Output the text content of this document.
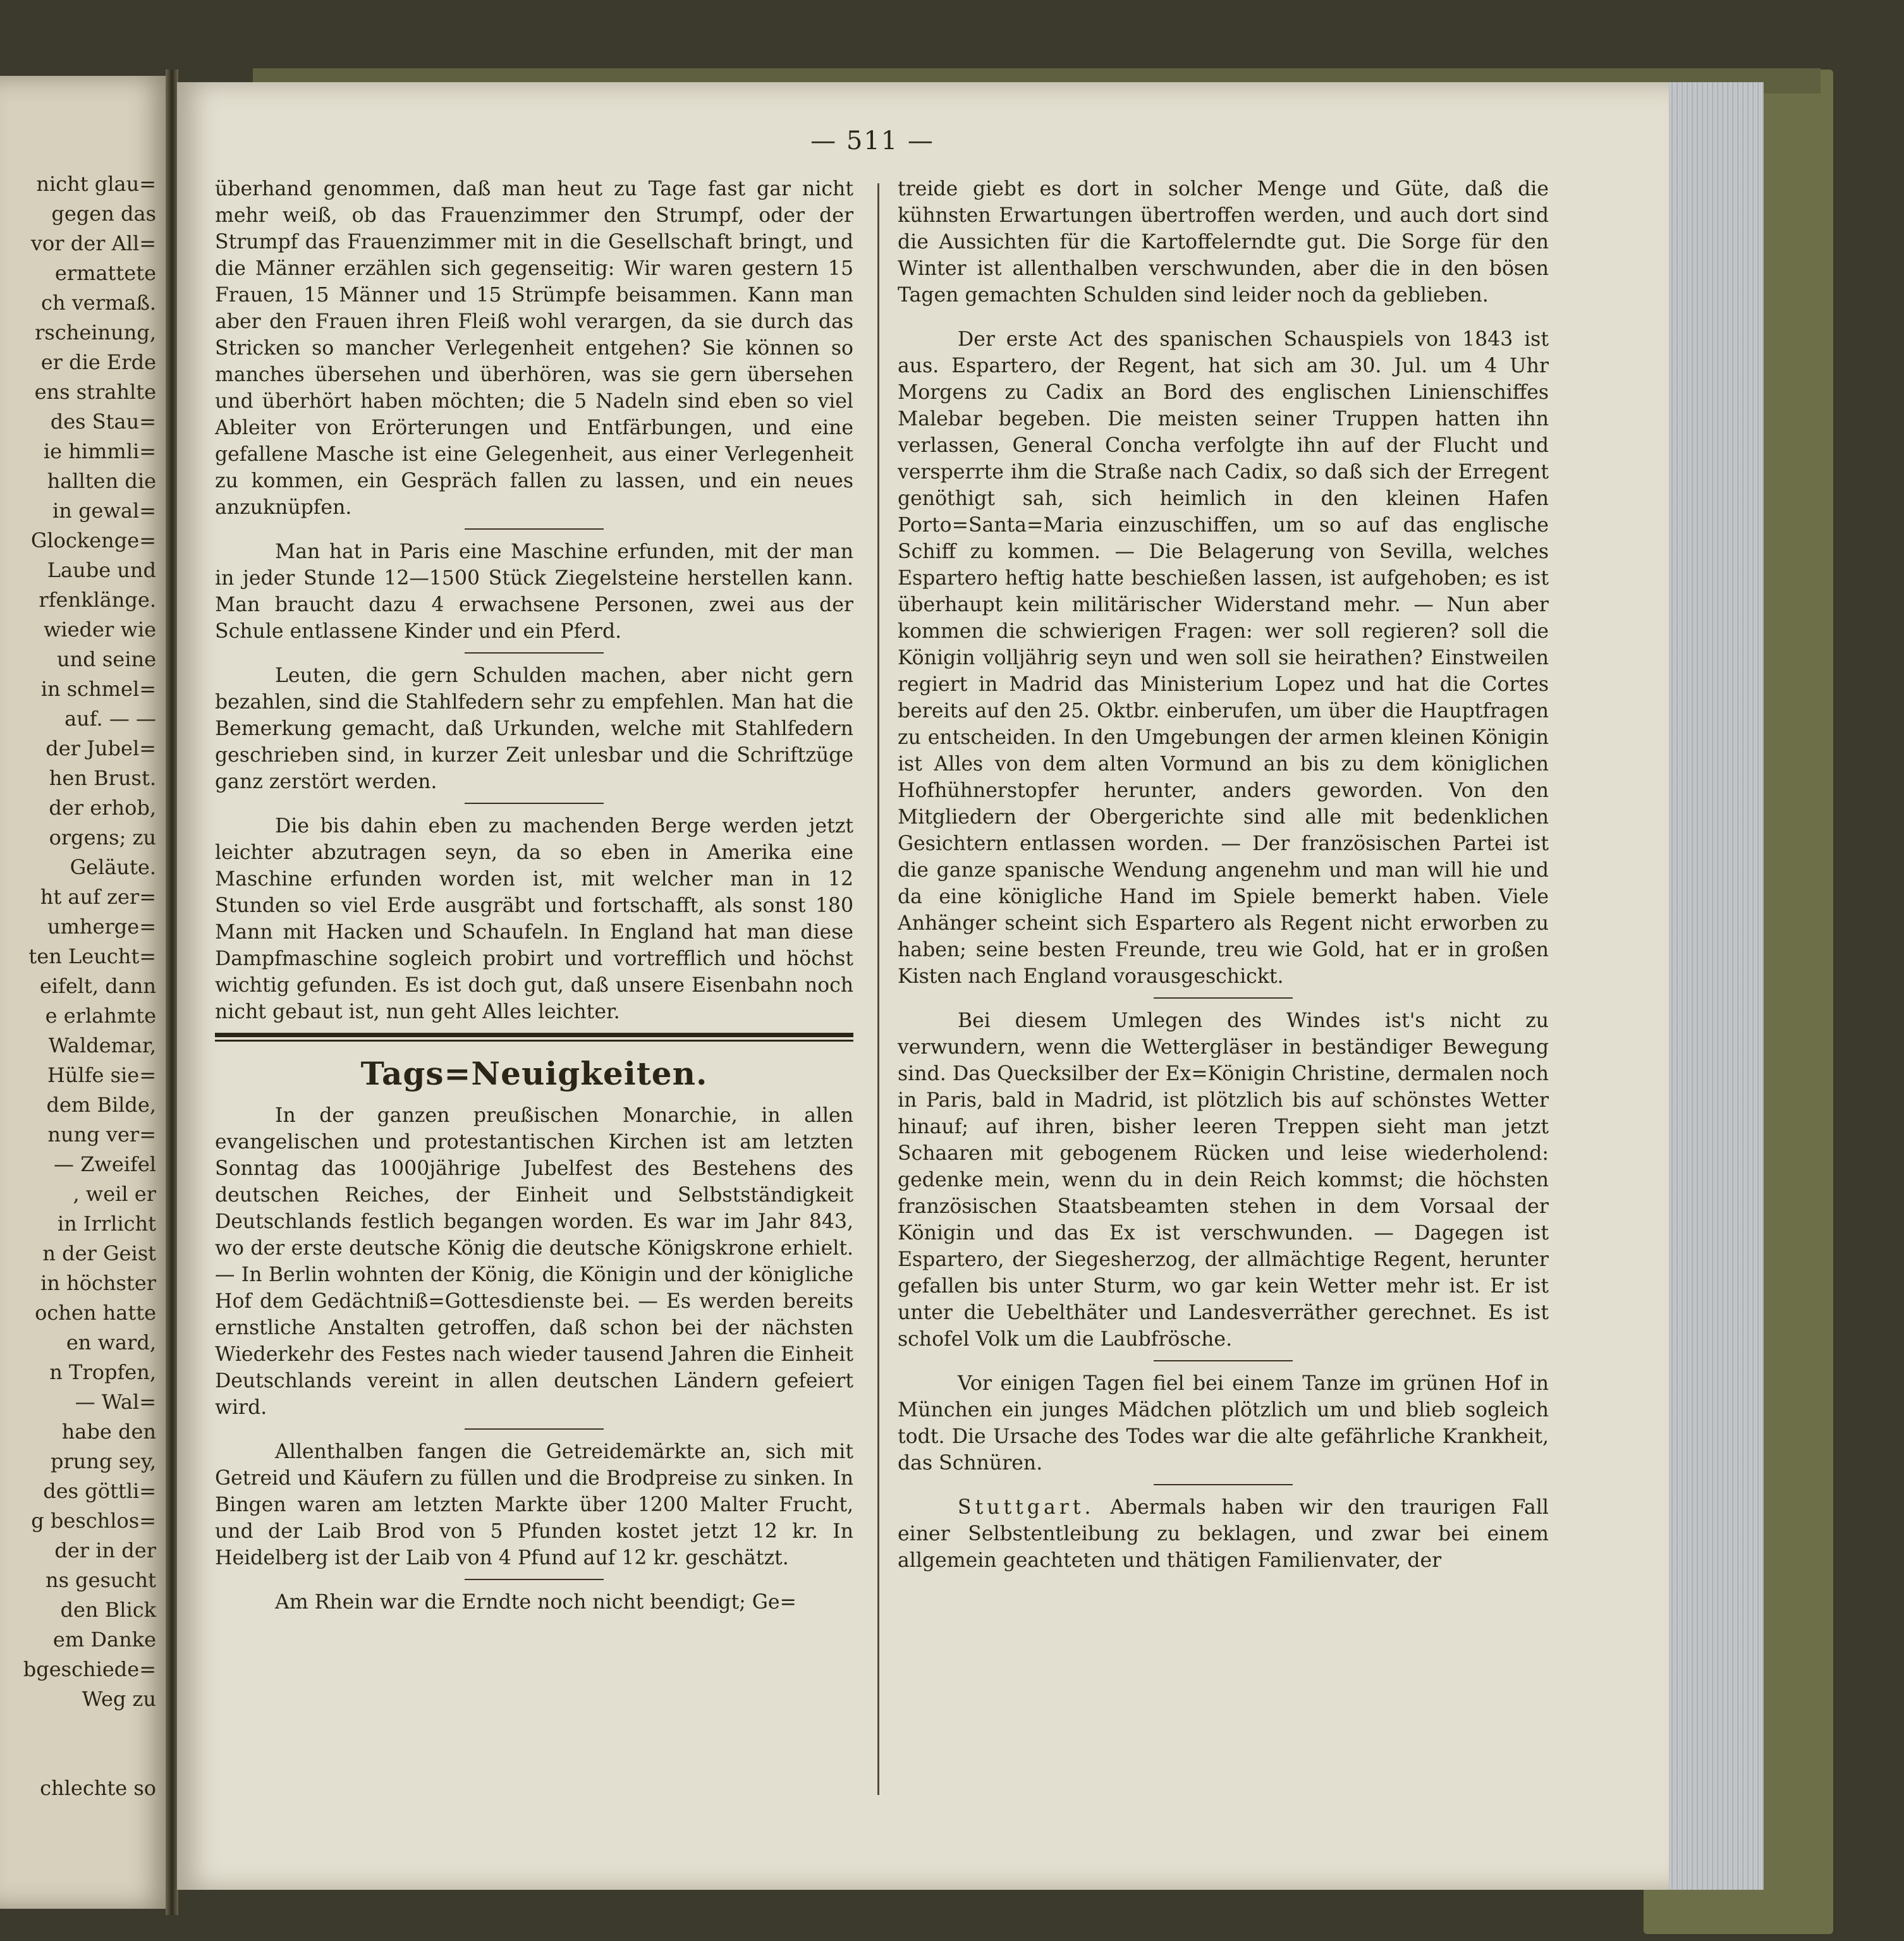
nicht glau=
gegen das
vor der All=
ermattete
ch vermaß.
rscheinung,
er die Erde
ens strahlte
des Stau=
ie himmli=
hallten die
in gewal=
Glockenge=
Laube und
rfenklänge.
wieder wie
und seine
in schmel=
auf. — —
der Jubel=
hen Brust.
der erhob,
orgens; zu
Geläute.
ht auf zer=
umherge=
ten Leucht=
eifelt, dann
e erlahmte
Waldemar,
Hülfe sie=
dem Bilde,
nung ver=
— Zweifel
, weil er
in Irrlicht
n der Geist
in höchster
ochen hatte
en ward,
n Tropfen,
— Wal=
habe den
prung sey,
des göttli=
g beschlos=
der in der
ns gesucht
den Blick
em Danke
bgeschiede=
Weg zu
chlechte so
— 511 —

überhand genommen, daß man heut zu Tage fast gar nicht mehr weiß, ob das Frauenzimmer den Strumpf, oder der Strumpf das Frauenzimmer mit in die Gesellschaft bringt, und die Männer erzählen sich gegenseitig: Wir waren gestern 15 Frauen, 15 Männer und 15 Strümpfe beisammen. Kann man aber den Frauen ihren Fleiß wohl verargen, da sie durch das Stricken so mancher Verlegenheit entgehen? Sie können so manches übersehen und überhören, was sie gern übersehen und überhört haben möchten; die 5 Nadeln sind eben so viel Ableiter von Erörterungen und Entfärbungen, und eine gefallene Masche ist eine Gelegenheit, aus einer Verlegenheit zu kommen, ein Gespräch fallen zu lassen, und ein neues anzuknüpfen.

Man hat in Paris eine Maschine erfunden, mit der man in jeder Stunde 12—1500 Stück Ziegelsteine herstellen kann. Man braucht dazu 4 erwachsene Personen, zwei aus der Schule entlassene Kinder und ein Pferd.

Leuten, die gern Schulden machen, aber nicht gern bezahlen, sind die Stahlfedern sehr zu empfehlen. Man hat die Bemerkung gemacht, daß Urkunden, welche mit Stahlfedern geschrieben sind, in kurzer Zeit unlesbar und die Schriftzüge ganz zerstört werden.

Die bis dahin eben zu machenden Berge werden jetzt leichter abzutragen seyn, da so eben in Amerika eine Maschine erfunden worden ist, mit welcher man in 12 Stunden so viel Erde ausgräbt und fortschafft, als sonst 180 Mann mit Hacken und Schaufeln. In England hat man diese Dampfmaschine sogleich probirt und vortrefflich und höchst wichtig gefunden. Es ist doch gut, daß unsere Eisenbahn noch nicht gebaut ist, nun geht Alles leichter.

Tags=Neuigkeiten.

In der ganzen preußischen Monarchie, in allen evangelischen und protestantischen Kirchen ist am letzten Sonntag das 1000jährige Jubelfest des Bestehens des deutschen Reiches, der Einheit und Selbstständigkeit Deutschlands festlich begangen worden. Es war im Jahr 843, wo der erste deutsche König die deutsche Königskrone erhielt. — In Berlin wohnten der König, die Königin und der königliche Hof dem Gedächtniß=Gottesdienste bei. — Es werden bereits ernstliche Anstalten getroffen, daß schon bei der nächsten Wiederkehr des Festes nach wieder tausend Jahren die Einheit Deutschlands vereint in allen deutschen Ländern gefeiert wird.

Allenthalben fangen die Getreidemärkte an, sich mit Getreid und Käufern zu füllen und die Brodpreise zu sinken. In Bingen waren am letzten Markte über 1200 Malter Frucht, und der Laib Brod von 5 Pfunden kostet jetzt 12 kr. In Heidelberg ist der Laib von 4 Pfund auf 12 kr. geschätzt.

Am Rhein war die Erndte noch nicht beendigt; Ge=

treide giebt es dort in solcher Menge und Güte, daß die kühnsten Erwartungen übertroffen werden, und auch dort sind die Aussichten für die Kartoffelerndte gut. Die Sorge für den Winter ist allenthalben verschwunden, aber die in den bösen Tagen gemachten Schulden sind leider noch da geblieben.

Der erste Act des spanischen Schauspiels von 1843 ist aus. Espartero, der Regent, hat sich am 30. Jul. um 4 Uhr Morgens zu Cadix an Bord des englischen Linienschiffes Malebar begeben. Die meisten seiner Truppen hatten ihn verlassen, General Concha verfolgte ihn auf der Flucht und versperrte ihm die Straße nach Cadix, so daß sich der Erregent genöthigt sah, sich heimlich in den kleinen Hafen Porto=Santa=Maria einzuschiffen, um so auf das englische Schiff zu kommen. — Die Belagerung von Sevilla, welches Espartero heftig hatte beschießen lassen, ist aufgehoben; es ist überhaupt kein militärischer Widerstand mehr. — Nun aber kommen die schwierigen Fragen: wer soll regieren? soll die Königin volljährig seyn und wen soll sie heirathen? Einstweilen regiert in Madrid das Ministerium Lopez und hat die Cortes bereits auf den 25. Oktbr. einberufen, um über die Hauptfragen zu entscheiden. In den Umgebungen der armen kleinen Königin ist Alles von dem alten Vormund an bis zu dem königlichen Hofhühnerstopfer herunter, anders geworden. Von den Mitgliedern der Obergerichte sind alle mit bedenklichen Gesichtern entlassen worden. — Der französischen Partei ist die ganze spanische Wendung angenehm und man will hie und da eine königliche Hand im Spiele bemerkt haben. Viele Anhänger scheint sich Espartero als Regent nicht erworben zu haben; seine besten Freunde, treu wie Gold, hat er in großen Kisten nach England vorausgeschickt.

Bei diesem Umlegen des Windes ist's nicht zu verwundern, wenn die Wettergläser in beständiger Bewegung sind. Das Quecksilber der Ex=Königin Christine, dermalen noch in Paris, bald in Madrid, ist plötzlich bis auf schönstes Wetter hinauf; auf ihren, bisher leeren Treppen sieht man jetzt Schaaren mit gebogenem Rücken und leise wiederholend: gedenke mein, wenn du in dein Reich kommst; die höchsten französischen Staatsbeamten stehen in dem Vorsaal der Königin und das Ex ist verschwunden. — Dagegen ist Espartero, der Siegesherzog, der allmächtige Regent, herunter gefallen bis unter Sturm, wo gar kein Wetter mehr ist. Er ist unter die Uebelthäter und Landesverräther gerechnet. Es ist schofel Volk um die Laubfrösche.

Vor einigen Tagen fiel bei einem Tanze im grünen Hof in München ein junges Mädchen plötzlich um und blieb sogleich todt. Die Ursache des Todes war die alte gefährliche Krankheit, das Schnüren.

Stuttgart. Abermals haben wir den traurigen Fall einer Selbstentleibung zu beklagen, und zwar bei einem allgemein geachteten und thätigen Familienvater, der
